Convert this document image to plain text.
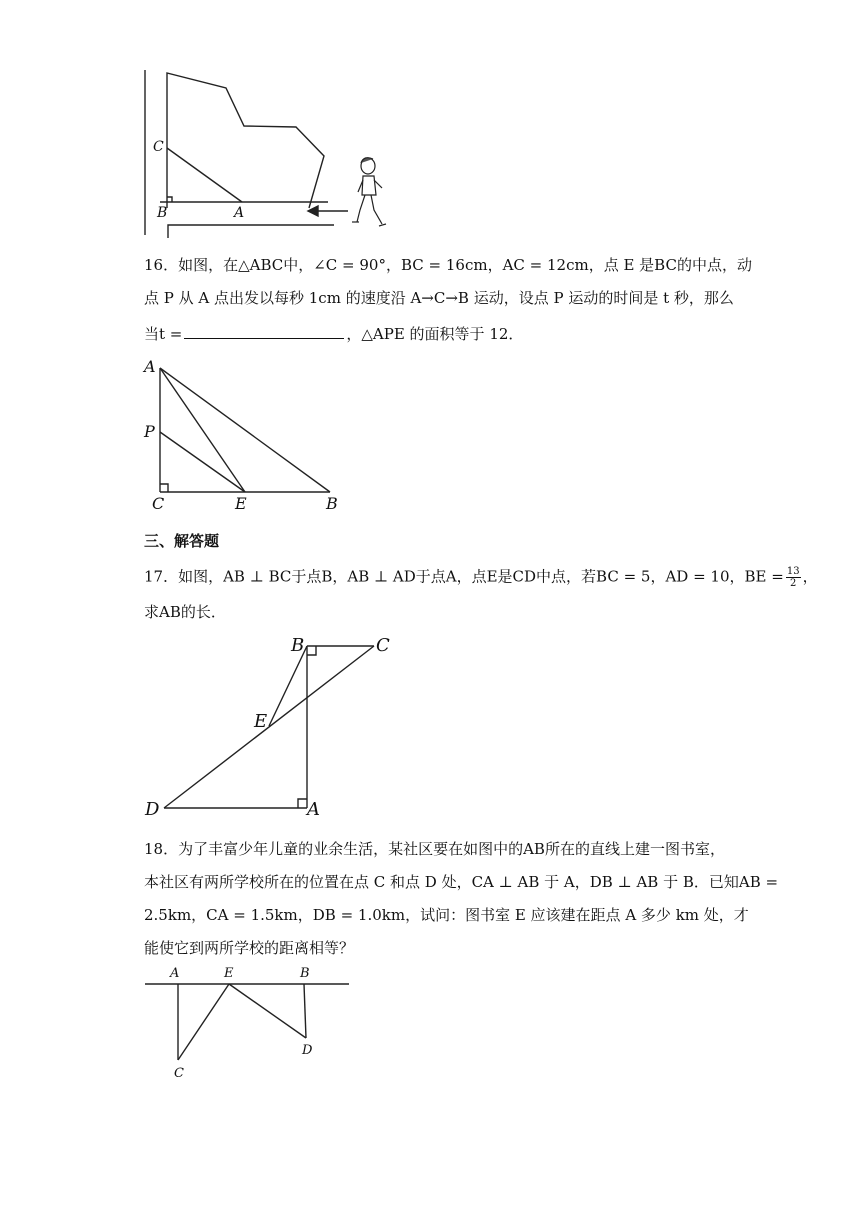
C
B	A
16．如图，在△ABC中，∠C = 90°，BC = 16cm，AC = 12cm，点 E 是BC的中点，动
点 P 从 A 点出发以每秒 1cm 的速度沿 A→C→B 运动，设点 P 运动的时间是 t 秒，那么
当t =	，△APE 的面积等于 12．
A
P
C	E	B
三、解答题
17．如图，AB ⊥ BC于点B，AB ⊥ AD于点A，点E是CD中点，若BC = 5，AD = 10，BE = $\frac{13}{2}$ ，
求AB的长．
B	C
E
D	A
18．为了丰富少年儿童的业余生活，某社区要在如图中的AB所在的直线上建一图书室，
本社区有两所学校所在的位置在点 C 和点 D 处，CA ⊥ AB 于 A，DB ⊥ AB 于 B．已知AB =
2.5km，CA = 1.5km，DB = 1.0km，试问：图书室 E 应该建在距点 A 多少 km 处，才
能使它到两所学校的距离相等？
A	E	B
D
C
